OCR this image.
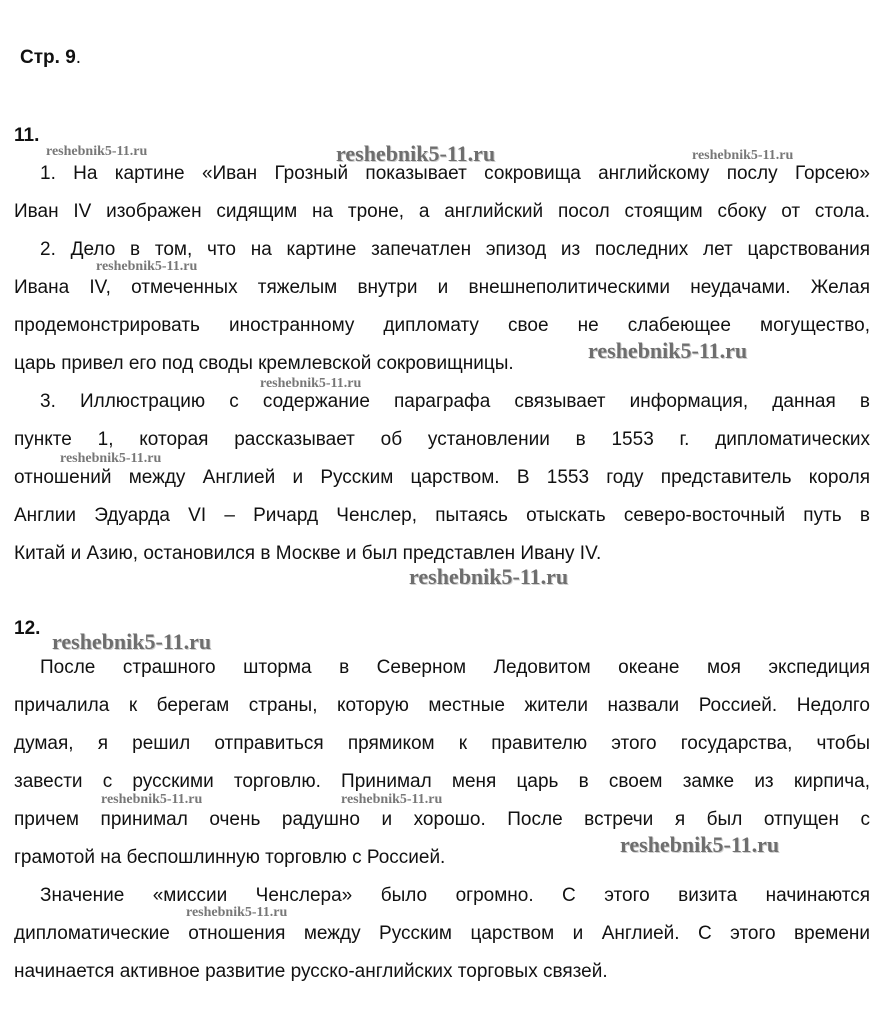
Стр. 9.
11.
1. На картине «Иван Грозный показывает сокровища английскому послу Горсею»
Иван IV изображен сидящим на троне, а английский посол стоящим сбоку от стола.
2. Дело в том, что на картине запечатлен эпизод из последних лет царствования
Ивана IV, отмеченных тяжелым внутри и внешнеполитическими неудачами. Желая
продемонстрировать иностранному дипломату свое не слабеющее могущество,
царь привел его под своды кремлевской сокровищницы.
3. Иллюстрацию с содержание параграфа связывает информация, данная в
пункте 1, которая рассказывает об установлении в 1553 г. дипломатических
отношений между Англией и Русским царством. В 1553 году представитель короля
Англии Эдуарда VI – Ричард Ченслер, пытаясь отыскать северо-восточный путь в
Китай и Азию, остановился в Москве и был представлен Ивану IV.
12.
После страшного шторма в Северном Ледовитом океане моя экспедиция
причалила к берегам страны, которую местные жители назвали Россией. Недолго
думая, я решил отправиться прямиком к правителю этого государства, чтобы
завести с русскими торговлю. Принимал меня царь в своем замке из кирпича,
причем принимал очень радушно и хорошо. После встречи я был отпущен с
грамотой на беспошлинную торговлю с Россией.
Значение «миссии Ченслера» было огромно. С этого визита начинаются
дипломатические отношения между Русским царством и Англией. С этого времени
начинается активное развитие русско-английских торговых связей.
reshebnik5-11.ru	reshebnik5-11.ru	reshebnik5-11.ru
reshebnik5-11.ru
reshebnik5-11.ru
reshebnik5-11.ru
reshebnik5-11.ru
reshebnik5-11.ru
reshebnik5-11.ru
reshebnik5-11.ru	reshebnik5-11.ru
reshebnik5-11.ru
reshebnik5-11.ru
